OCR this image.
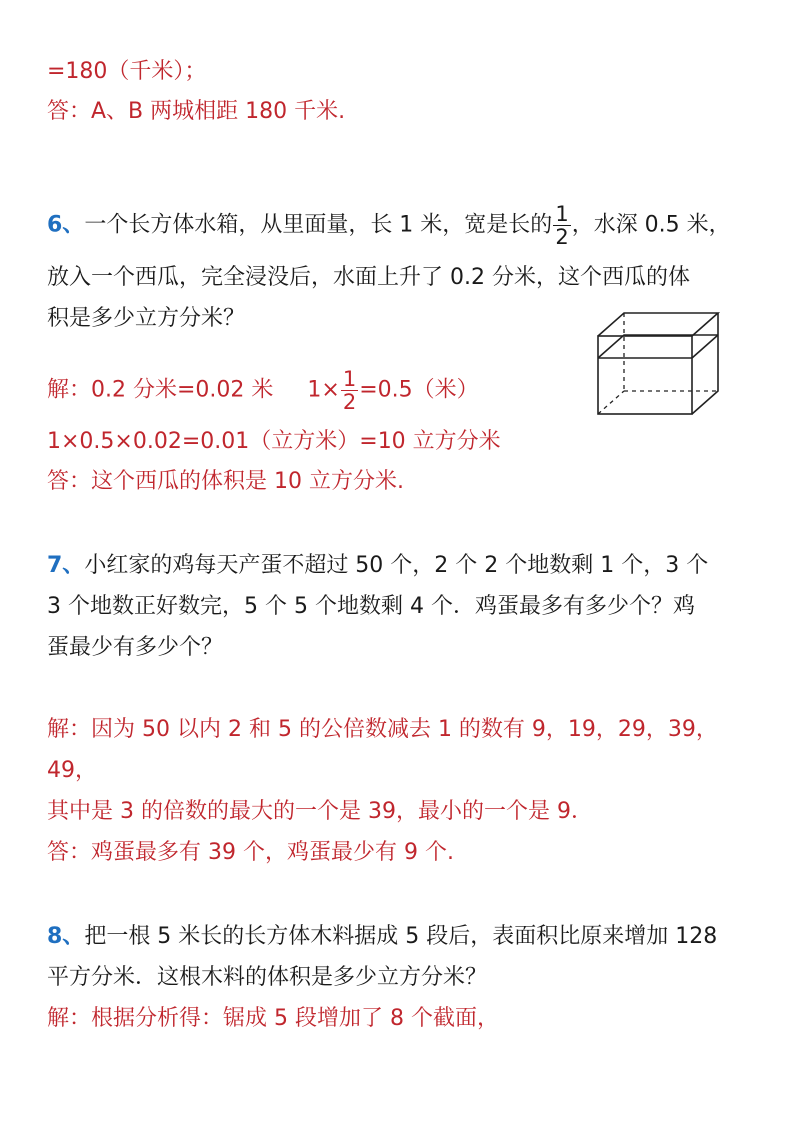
=180（千米）；
答：A、B 两城相距 180 千米.
6、一个长方体水箱，从里面量，长 1 米，宽是长的 $\frac{1}{2}$ ，水深 0.5 米，
放入一个西瓜，完全浸没后，水面上升了 0.2 分米，这个西瓜的体
积是多少立方分米？
解：0.2 分米=0.02 米 $1\times \frac{1}{2} =0.5$（米）
1×0.5×0.02=0.01（立方米）=10 立方分米
答：这个西瓜的体积是 10 立方分米.
7、小红家的鸡每天产蛋不超过 50 个，2 个 2 个地数剩 1 个，3 个
3 个地数正好数完，5 个 5 个地数剩 4 个．鸡蛋最多有多少个？鸡
蛋最少有多少个？
解：因为 50 以内 2 和 5 的公倍数减去 1 的数有 9，19，29，39，
49，
其中是 3 的倍数的最大的一个是 39，最小的一个是 9．
答：鸡蛋最多有 39 个，鸡蛋最少有 9 个.
8、把一根 5 米长的长方体木料据成 5 段后，表面积比原来增加 128
平方分米．这根木料的体积是多少立方分米？
解：根据分析得：锯成 5 段增加了 8 个截面，
